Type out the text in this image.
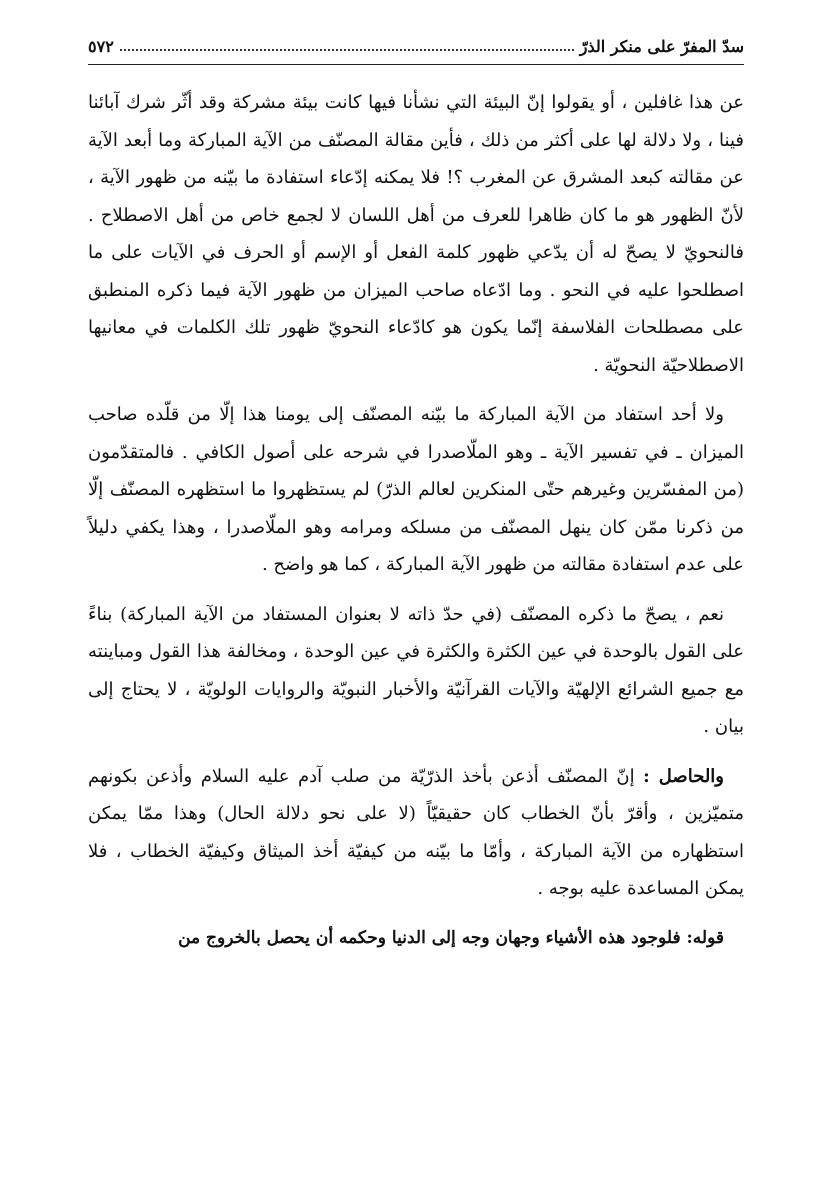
سدّ المفرّ على منكر الذرّ
٥٧٢

عن هذا غافلين ، أو يقولوا إنّ البيئة التي نشأنا فيها كانت بيئة مشركة وقد أثّر شرك آبائنا فينا ، ولا دلالة لها على أكثر من ذلك ، فأين مقالة المصنّف من الآية المباركة وما أبعد الآية عن مقالته كبعد المشرق عن المغرب ؟! فلا يمكنه إدّعاء استفادة ما بيّنه من ظهور الآية ، لأنّ الظهور هو ما كان ظاهرا للعرف من أهل اللسان لا لجمع خاص من أهل الاصطلاح . فالنحويّ لا يصحّ له أن يدّعي ظهور كلمة الفعل أو الإسم أو الحرف في الآيات على ما اصطلحوا عليه في النحو . وما ادّعاه صاحب الميزان من ظهور الآية فيما ذكره المنطبق على مصطلحات الفلاسفة إنّما يكون هو كادّعاء النحويّ ظهور تلك الكلمات في معانيها الاصطلاحيّة النحويّة .

ولا أحد استفاد من الآية المباركة ما بيّنه المصنّف إلى يومنا هذا إلّا من قلّده صاحب الميزان ـ في تفسير الآية ـ وهو الملّاصدرا في شرحه على أصول الكافي . فالمتقدّمون (من المفسّرين وغيرهم حتّى المنكرين لعالم الذرّ) لم يستظهروا ما استظهره المصنّف إلّا من ذكرنا ممّن كان ينهل المصنّف من مسلكه ومرامه وهو الملّاصدرا ، وهذا يكفي دليلاً على عدم استفادة مقالته من ظهور الآية المباركة ، كما هو واضح .

نعم ، يصحّ ما ذكره المصنّف (في حدّ ذاته لا بعنوان المستفاد من الآية المباركة) بناءً على القول بالوحدة في عين الكثرة والكثرة في عين الوحدة ، ومخالفة هذا القول ومباينته مع جميع الشرائع الإلهيّة والآيات القرآنيّة والأخبار النبويّة والروايات الولويّة ، لا يحتاج إلى بيان .

والحاصل : إنّ المصنّف أذعن بأخذ الذرّيّة من صلب آدم عليه السلام وأذعن بكونهم متميّزين ، وأقرّ بأنّ الخطاب كان حقيقيّاً (لا على نحو دلالة الحال) وهذا ممّا يمكن استظهاره من الآية المباركة ، وأمّا ما بيّنه من كيفيّة أخذ الميثاق وكيفيّة الخطاب ، فلا يمكن المساعدة عليه بوجه .

قوله: فلوجود هذه الأشياء وجهان وجه إلى الدنيا وحكمه أن يحصل بالخروج من
